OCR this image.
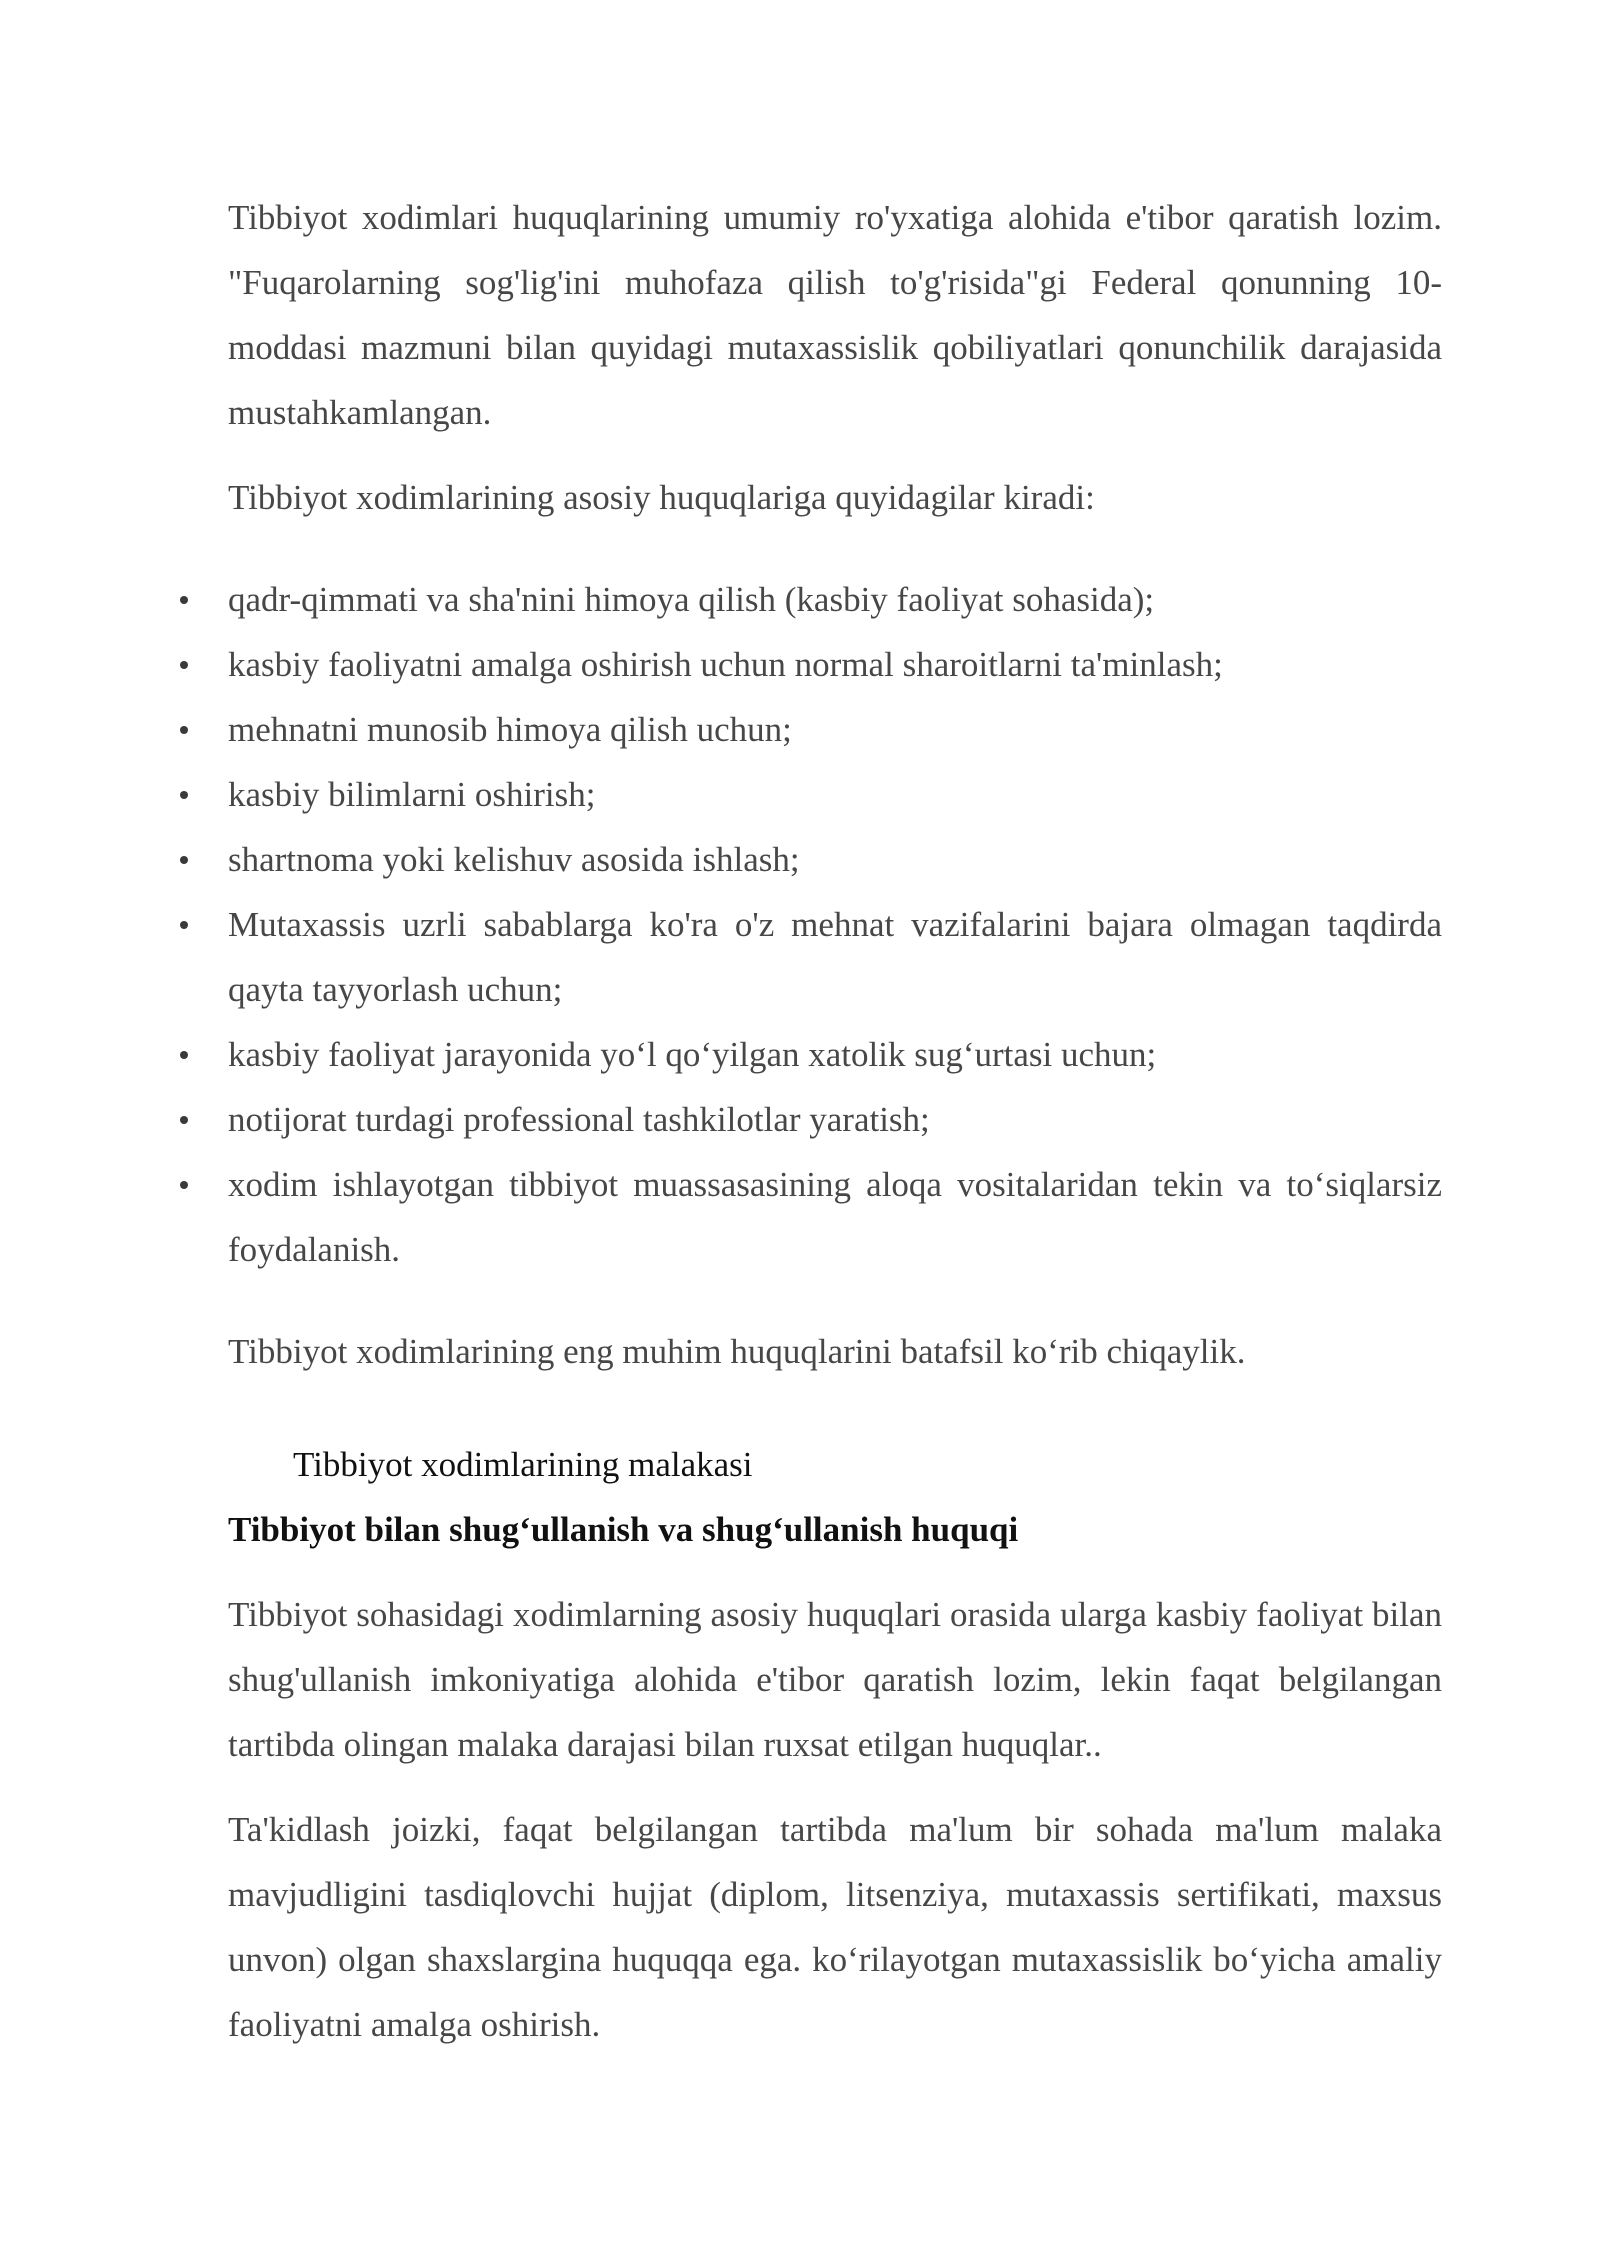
Tibbiyot xodimlari huquqlarining umumiy ro'yxatiga alohida e'tibor qaratish lozim. "Fuqarolarning sog'lig'ini muhofaza qilish to'g'risida"gi Federal qonunning 10-moddasi mazmuni bilan quyidagi mutaxassislik qobiliyatlari qonunchilik darajasida mustahkamlangan.

Tibbiyot xodimlarining asosiy huquqlariga quyidagilar kiradi:

qadr-qimmati va sha'nini himoya qilish (kasbiy faoliyat sohasida);
kasbiy faoliyatni amalga oshirish uchun normal sharoitlarni ta'minlash;
mehnatni munosib himoya qilish uchun;
kasbiy bilimlarni oshirish;
shartnoma yoki kelishuv asosida ishlash;
Mutaxassis uzrli sabablarga ko'ra o'z mehnat vazifalarini bajara olmagan taqdirda qayta tayyorlash uchun;
kasbiy faoliyat jarayonida yo‘l qo‘yilgan xatolik sug‘urtasi uchun;
notijorat turdagi professional tashkilotlar yaratish;
xodim ishlayotgan tibbiyot muassasasining aloqa vositalaridan tekin va to‘siqlarsiz foydalanish.

Tibbiyot xodimlarining eng muhim huquqlarini batafsil ko‘rib chiqaylik.

Tibbiyot xodimlarining malakasi

Tibbiyot bilan shug‘ullanish va shug‘ullanish huquqi

Tibbiyot sohasidagi xodimlarning asosiy huquqlari orasida ularga kasbiy faoliyat bilan shug'ullanish imkoniyatiga alohida e'tibor qaratish lozim, lekin faqat belgilangan tartibda olingan malaka darajasi bilan ruxsat etilgan huquqlar..

Ta'kidlash joizki, faqat belgilangan tartibda ma'lum bir sohada ma'lum malaka mavjudligini tasdiqlovchi hujjat (diplom, litsenziya, mutaxassis sertifikati, maxsus unvon) olgan shaxslargina huquqqa ega. ko‘rilayotgan mutaxassislik bo‘yicha amaliy faoliyatni amalga oshirish.
